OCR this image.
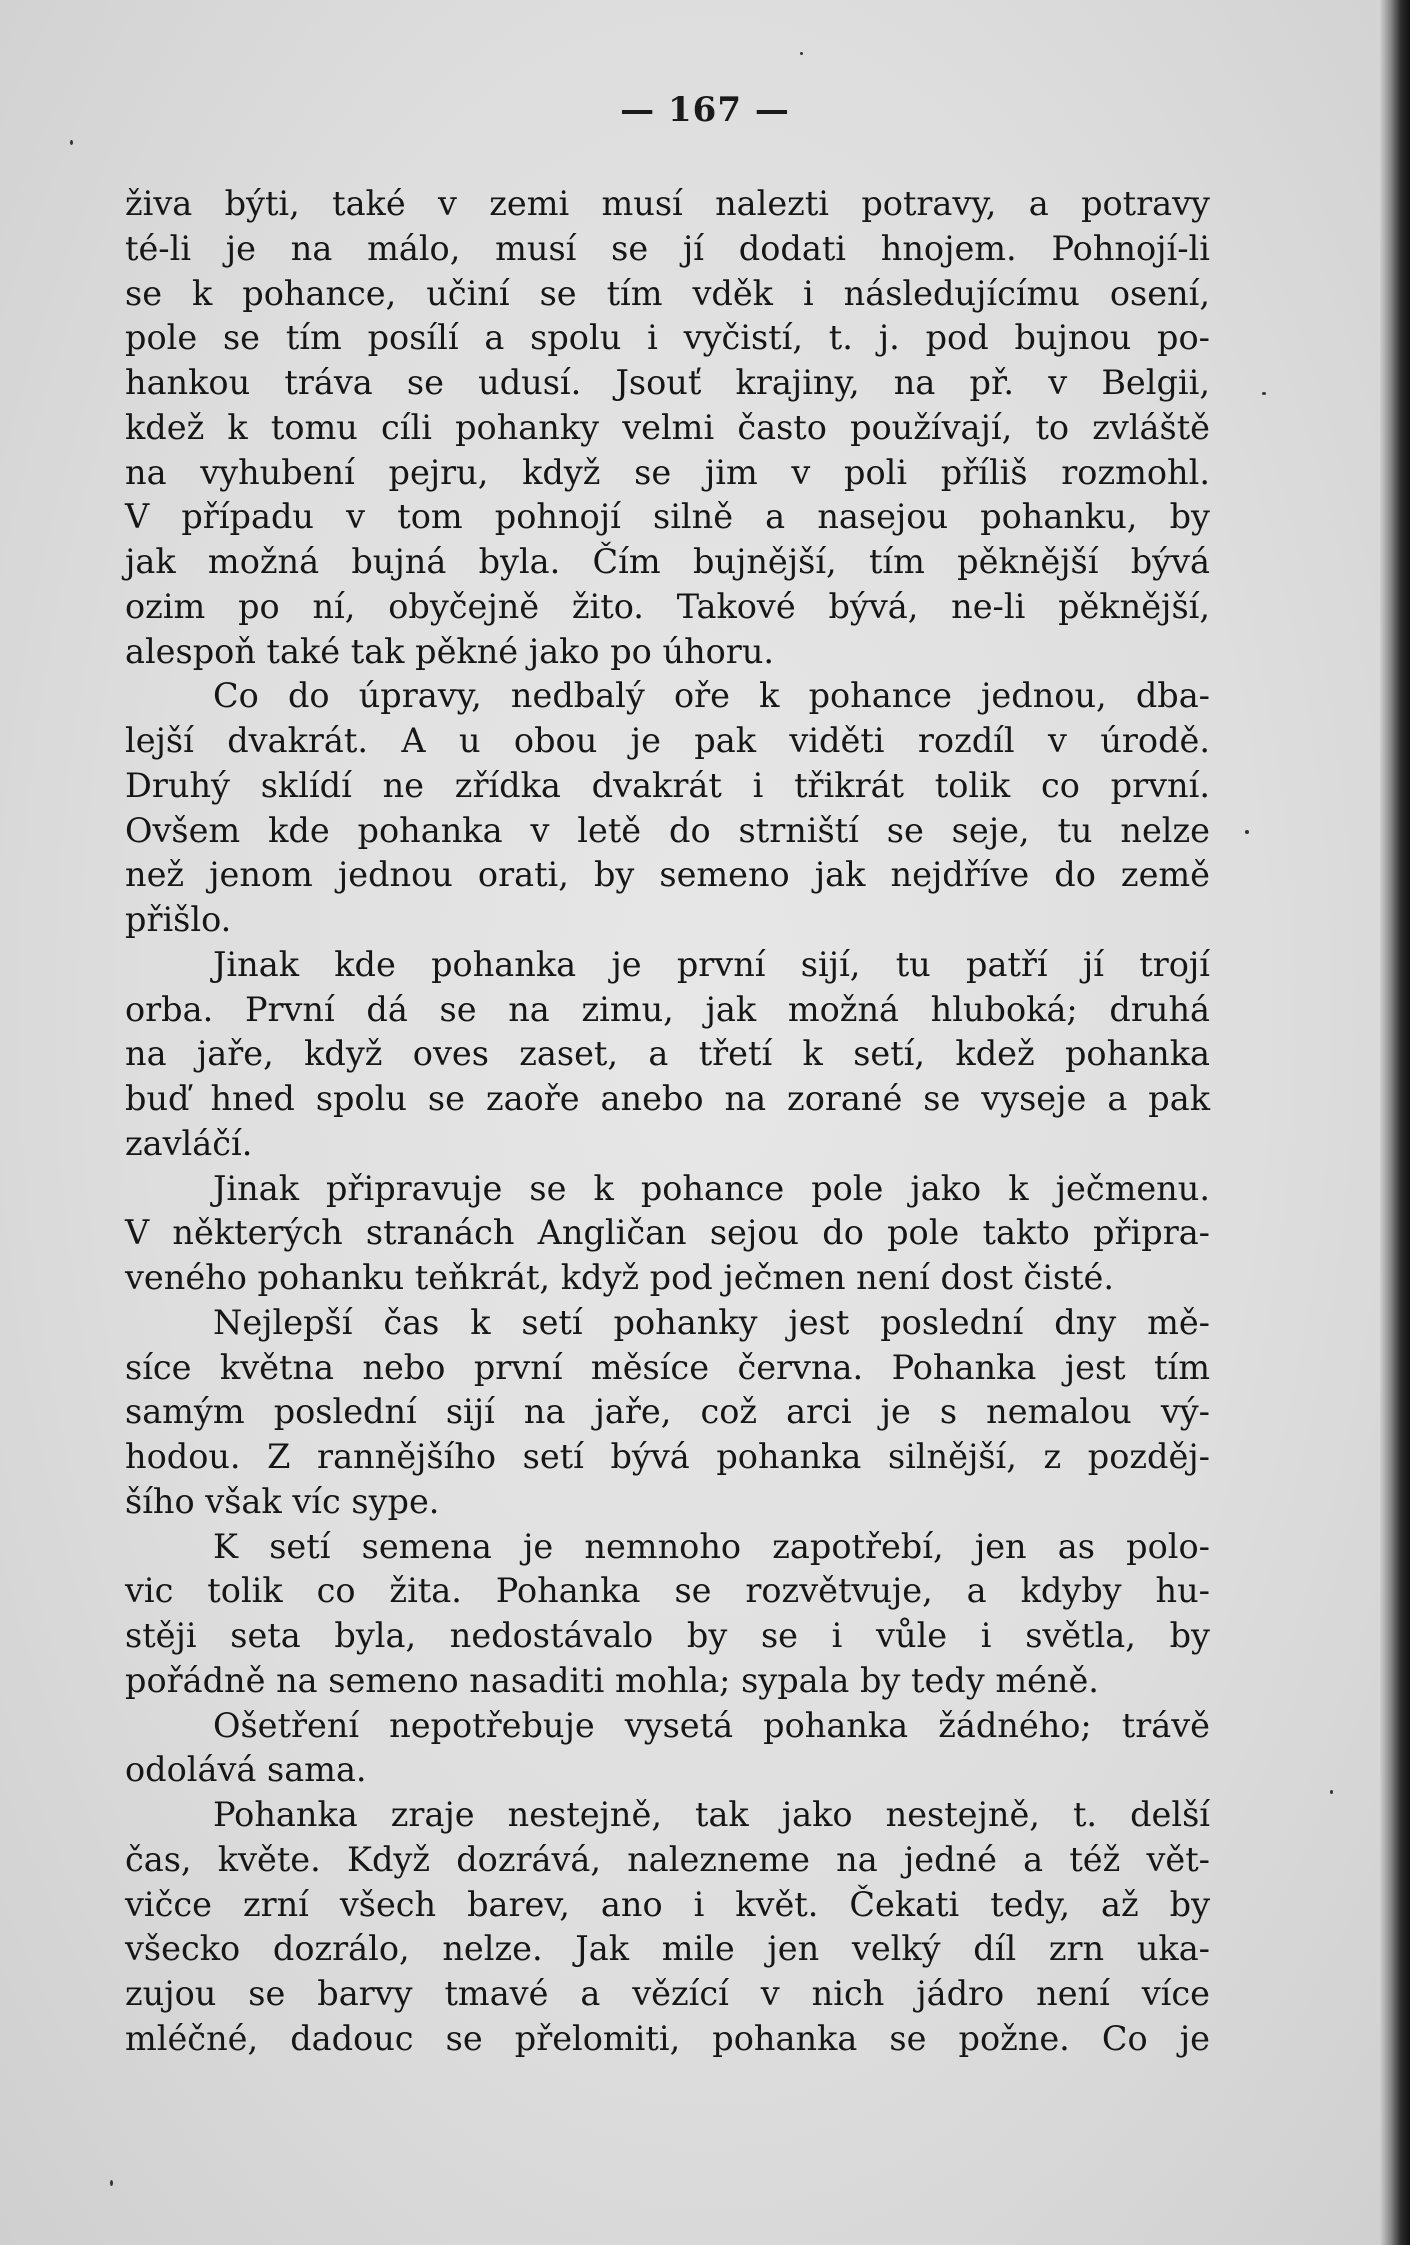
— 167 —
živa býti, také v zemi musí nalezti potravy, a potravy
té-li je na málo, musí se jí dodati hnojem. Pohnojí-li
se k pohance, učiní se tím vděk i následujícímu osení,
pole se tím posílí a spolu i vyčistí, t. j. pod bujnou po-
hankou tráva se udusí. Jsouť krajiny, na př. v Belgii,
kdež k tomu cíli pohanky velmi často používají, to zvláště
na vyhubení pejru, když se jim v poli příliš rozmohl.
V případu v tom pohnojí silně a nasejou pohanku, by
jak možná bujná byla. Čím bujnější, tím pěknější bývá
ozim po ní, obyčejně žito. Takové bývá, ne-li pěknější,
alespoň také tak pěkné jako po úhoru.
Co do úpravy, nedbalý oře k pohance jednou, dba-
lejší dvakrát. A u obou je pak viděti rozdíl v úrodě.
Druhý sklídí ne zřídka dvakrát i třikrát tolik co první.
Ovšem kde pohanka v letě do strniští se seje, tu nelze
než jenom jednou orati, by semeno jak nejdříve do země
přišlo.
Jinak kde pohanka je první sijí, tu patří jí trojí
orba. První dá se na zimu, jak možná hluboká; druhá
na jaře, když oves zaset, a třetí k setí, kdež pohanka
buď hned spolu se zaoře anebo na zorané se vyseje a pak
zavláčí.
Jinak připravuje se k pohance pole jako k ječmenu.
V některých stranách Angličan sejou do pole takto připra-
veného pohanku teňkrát, když pod ječmen není dost čisté.
Nejlepší čas k setí pohanky jest poslední dny mě-
síce května nebo první měsíce června. Pohanka jest tím
samým poslední sijí na jaře, což arci je s nemalou vý-
hodou. Z rannějšího setí bývá pohanka silnější, z pozděj-
šího však víc sype.
K setí semena je nemnoho zapotřebí, jen as polo-
vic tolik co žita. Pohanka se rozvětvuje, a kdyby hu-
stěji seta byla, nedostávalo by se i vůle i světla, by
pořádně na semeno nasaditi mohla; sypala by tedy méně.
Ošetření nepotřebuje vysetá pohanka žádného; trávě
odolává sama.
Pohanka zraje nestejně, tak jako nestejně, t. delší
čas, květe. Když dozrává, nalezneme na jedné a též vět-
vičce zrní všech barev, ano i květ. Čekati tedy, až by
všecko dozrálo, nelze. Jak mile jen velký díl zrn uka-
zujou se barvy tmavé a vězící v nich jádro není více
mléčné, dadouc se přelomiti, pohanka se požne. Co je
